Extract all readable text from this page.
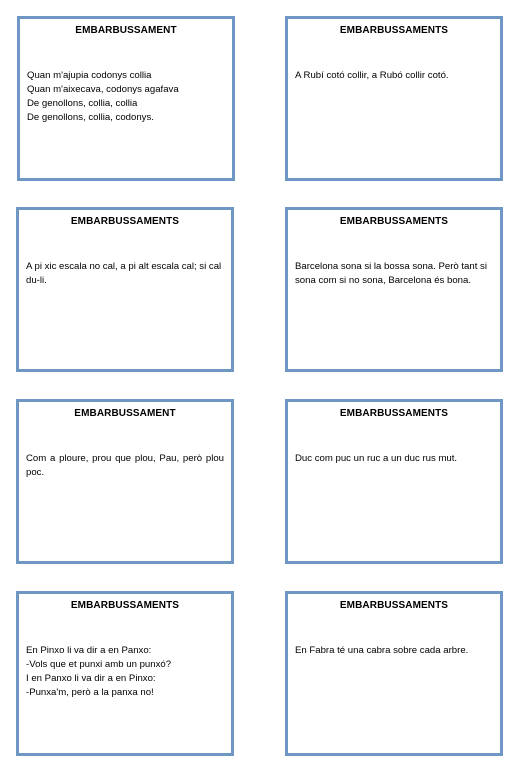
EMBARBUSSAMENT
Quan m'ajupia codonys collia
Quan m'aixecava, codonys agafava
De genollons, collia, collia
De genollons, collia, codonys.
EMBARBUSSAMENTS
A Rubí cotó collir, a Rubó collir cotó.
EMBARBUSSAMENTS
A pi xic escala no cal, a pi alt escala cal; si cal du-li.
EMBARBUSSAMENTS
Barcelona sona si la bossa sona. Però tant si sona com si no sona, Barcelona és bona.
EMBARBUSSAMENT
Com a ploure, prou que plou, Pau, però plou poc.
EMBARBUSSAMENTS
Duc com puc un ruc a un duc rus mut.
EMBARBUSSAMENTS
En Pinxo li va dir a en Panxo:
-Vols que et punxi amb un punxó?
I en Panxo li va dir a en Pinxo:
-Punxa'm, però a la panxa no!
EMBARBUSSAMENTS
En Fabra té una cabra sobre cada arbre.
